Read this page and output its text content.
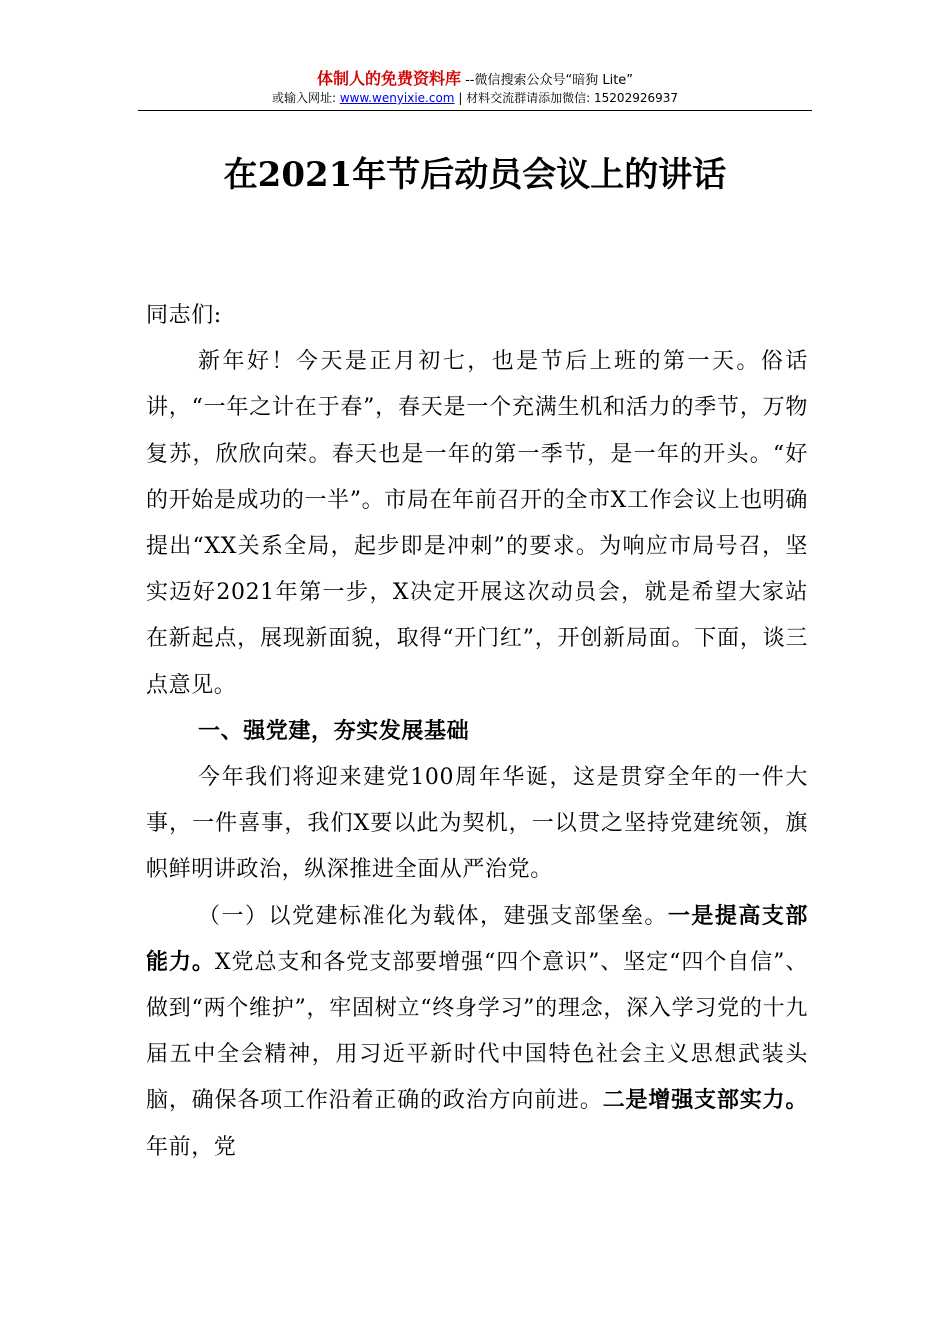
体制人的免费资料库 --微信搜索公众号“暗狗 Lite”
或输入网址: www.wenyixie.com | 材料交流群请添加微信: 15202926937
在2021年节后动员会议上的讲话

同志们:

新年好！今天是正月初七，也是节后上班的第一天。俗话讲，“一年之计在于春”，春天是一个充满生机和活力的季节，万物复苏，欣欣向荣。春天也是一年的第一季节，是一年的开头。“好的开始是成功的一半”。市局在年前召开的全市X工作会议上也明确提出“XX关系全局，起步即是冲刺”的要求。为响应市局号召，坚实迈好2021年第一步，X决定开展这次动员会，就是希望大家站在新起点，展现新面貌，取得“开门红”，开创新局面。下面，谈三点意见。

一、强党建，夯实发展基础

今年我们将迎来建党100周年华诞，这是贯穿全年的一件大事，一件喜事，我们X要以此为契机，一以贯之坚持党建统领，旗帜鲜明讲政治，纵深推进全面从严治党。

（一）以党建标准化为载体，建强支部堡垒。一是提高支部能力。X党总支和各党支部要增强“四个意识”、坚定“四个自信”、做到“两个维护”，牢固树立“终身学习”的理念，深入学习党的十九届五中全会精神，用习近平新时代中国特色社会主义思想武装头脑，确保各项工作沿着正确的政治方向前进。二是增强支部实力。年前，党
